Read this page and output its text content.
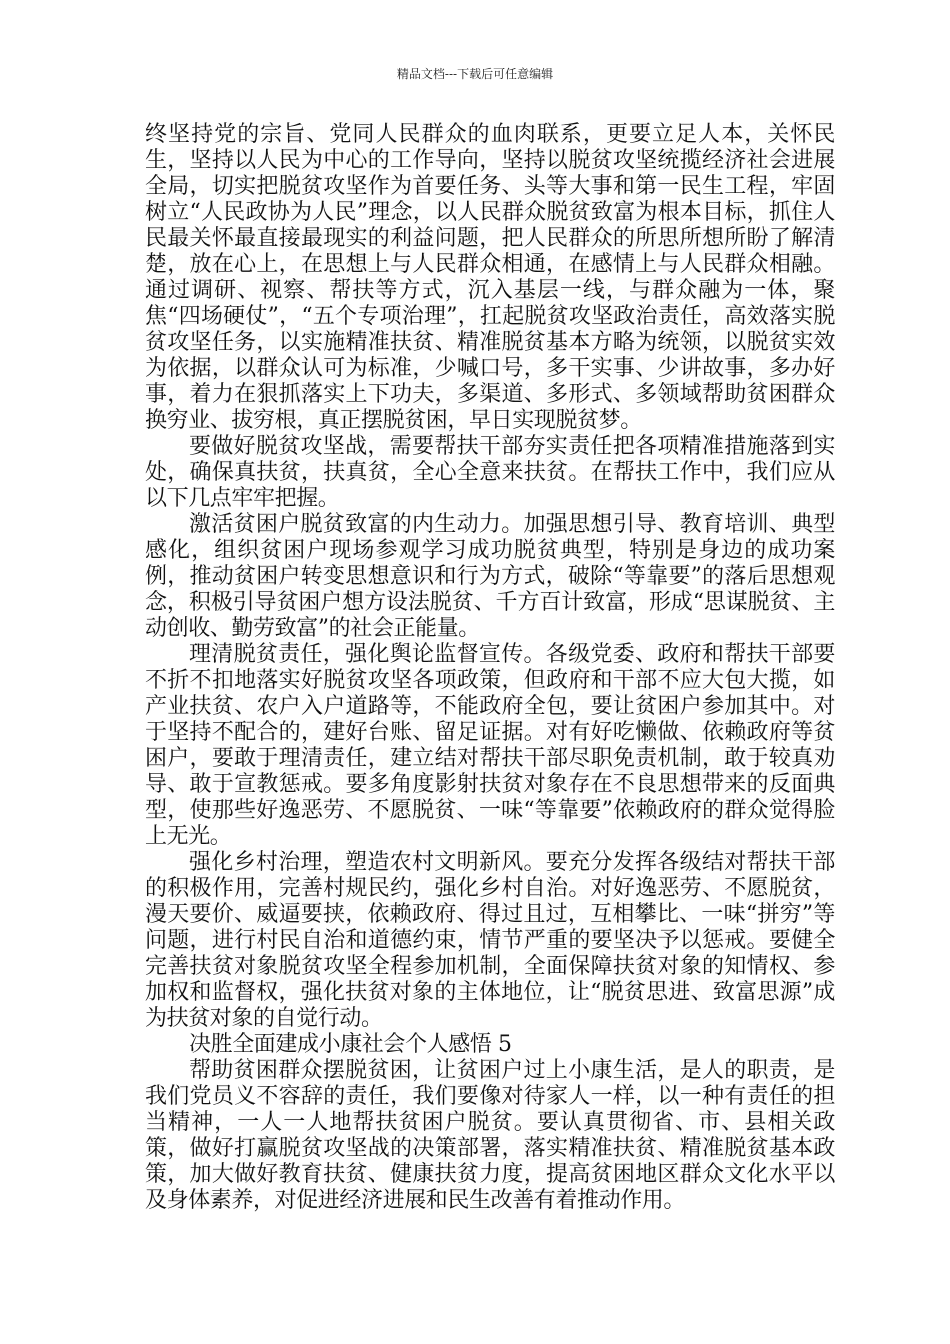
精品文档---下载后可任意编辑

终坚持党的宗旨、党同人民群众的血肉联系，更要立足人本，关怀民生，坚持以人民为中心的工作导向，坚持以脱贫攻坚统揽经济社会进展全局，切实把脱贫攻坚作为首要任务、头等大事和第一民生工程，牢固树立“人民政协为人民”理念，以人民群众脱贫致富为根本目标，抓住人民最关怀最直接最现实的利益问题，把人民群众的所思所想所盼了解清楚，放在心上，在思想上与人民群众相通，在感情上与人民群众相融。通过调研、视察、帮扶等方式，沉入基层一线，与群众融为一体，聚焦“四场硬仗”，“五个专项治理”，扛起脱贫攻坚政治责任，高效落实脱贫攻坚任务，以实施精准扶贫、精准脱贫基本方略为统领，以脱贫实效为依据，以群众认可为标准，少喊口号，多干实事、少讲故事，多办好事，着力在狠抓落实上下功夫，多渠道、多形式、多领域帮助贫困群众换穷业、拔穷根，真正摆脱贫困，早日实现脱贫梦。

要做好脱贫攻坚战，需要帮扶干部夯实责任把各项精准措施落到实处，确保真扶贫，扶真贫，全心全意来扶贫。在帮扶工作中，我们应从以下几点牢牢把握。

激活贫困户脱贫致富的内生动力。加强思想引导、教育培训、典型感化，组织贫困户现场参观学习成功脱贫典型，特别是身边的成功案例，推动贫困户转变思想意识和行为方式，破除“等靠要”的落后思想观念，积极引导贫困户想方设法脱贫、千方百计致富，形成“思谋脱贫、主动创收、勤劳致富”的社会正能量。

理清脱贫责任，强化舆论监督宣传。各级党委、政府和帮扶干部要不折不扣地落实好脱贫攻坚各项政策，但政府和干部不应大包大揽，如产业扶贫、农户入户道路等，不能政府全包，要让贫困户参加其中。对于坚持不配合的，建好台账、留足证据。对有好吃懒做、依赖政府等贫困户，要敢于理清责任，建立结对帮扶干部尽职免责机制，敢于较真劝导、敢于宣教惩戒。要多角度影射扶贫对象存在不良思想带来的反面典型，使那些好逸恶劳、不愿脱贫、一味“等靠要”依赖政府的群众觉得脸上无光。

强化乡村治理，塑造农村文明新风。要充分发挥各级结对帮扶干部的积极作用，完善村规民约，强化乡村自治。对好逸恶劳、不愿脱贫，漫天要价、威逼要挟，依赖政府、得过且过，互相攀比、一味“拼穷”等问题，进行村民自治和道德约束，情节严重的要坚决予以惩戒。要健全完善扶贫对象脱贫攻坚全程参加机制，全面保障扶贫对象的知情权、参加权和监督权，强化扶贫对象的主体地位，让“脱贫思进、致富思源”成为扶贫对象的自觉行动。

决胜全面建成小康社会个人感悟 5

帮助贫困群众摆脱贫困，让贫困户过上小康生活，是人的职责，是我们党员义不容辞的责任，我们要像对待家人一样，以一种有责任的担当精神，一人一人地帮扶贫困户脱贫。要认真贯彻省、市、县相关政策，做好打赢脱贫攻坚战的决策部署，落实精准扶贫、精准脱贫基本政策，加大做好教育扶贫、健康扶贫力度，提高贫困地区群众文化水平以及身体素养，对促进经济进展和民生改善有着推动作用。
